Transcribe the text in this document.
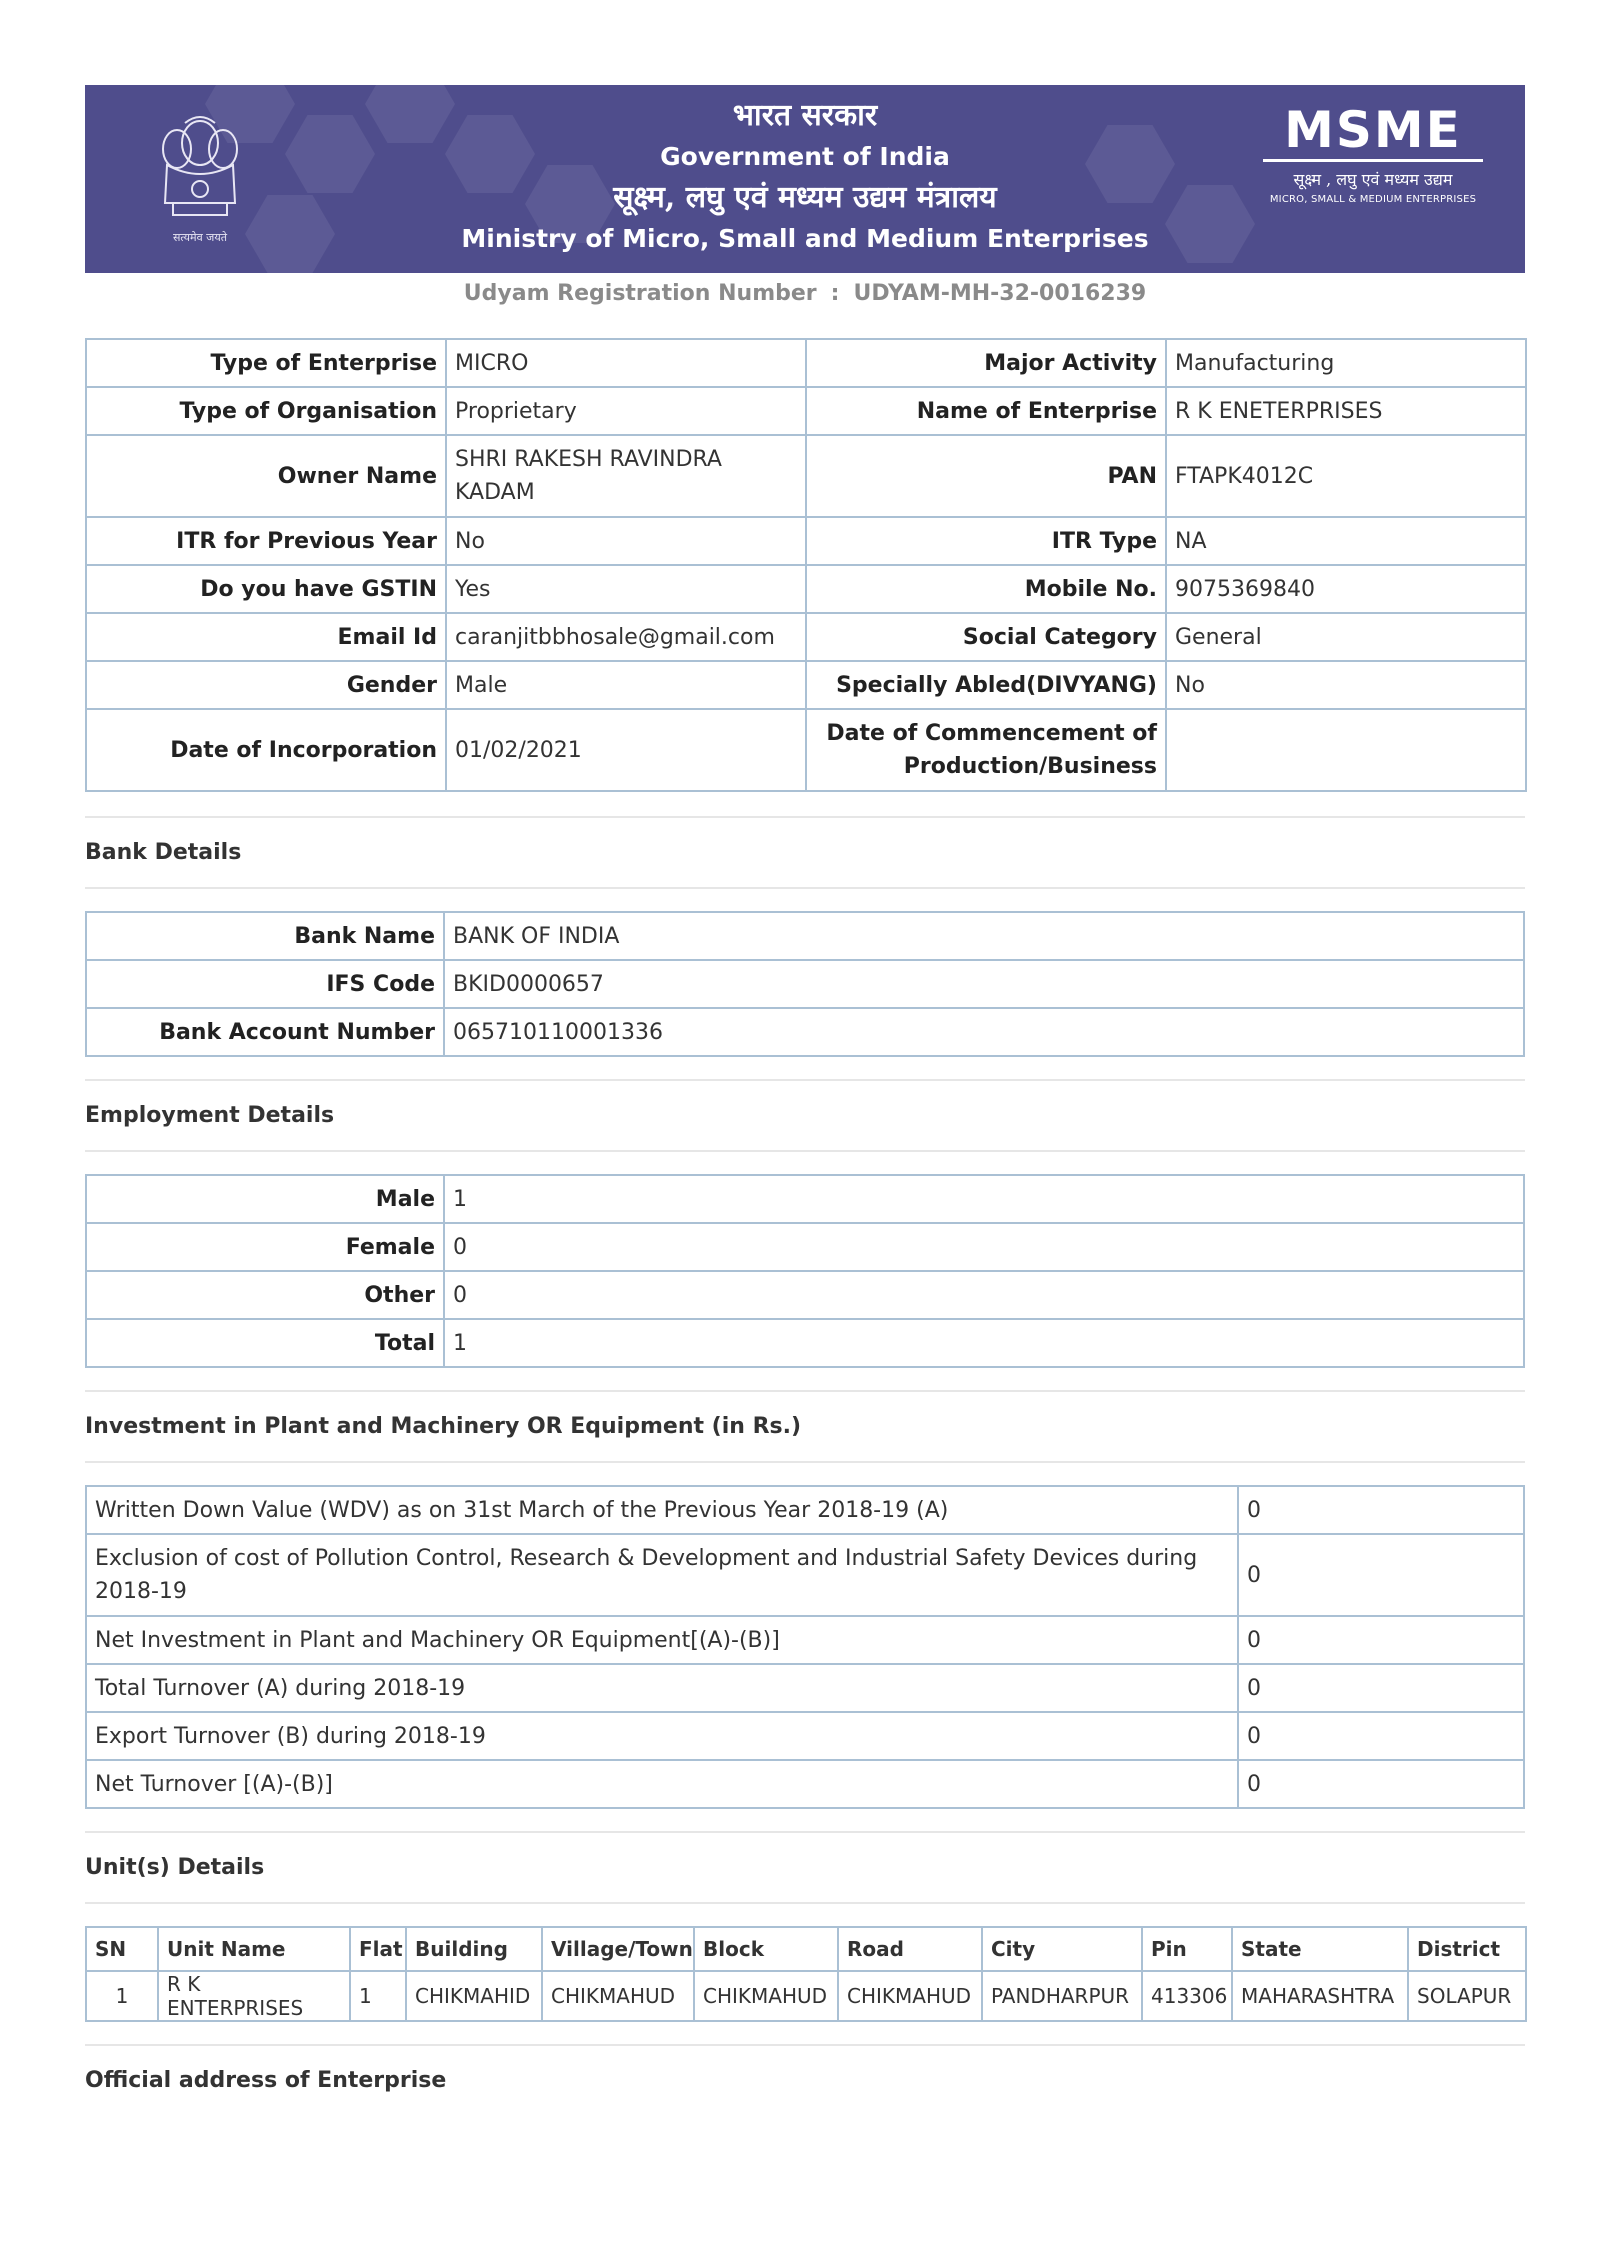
सत्यमेव जयते
भारत सरकार
Government of India
सूक्ष्म, लघु एवं मध्यम उद्यम मंत्रालय
Ministry of Micro, Small and Medium Enterprises
MSME
सूक्ष्म , लघु एवं मध्यम उद्यम
MICRO, SMALL & MEDIUM ENTERPRISES
Udyam Registration Number : UDYAM-MH-32-0016239
Type of Enterprise	MICRO	Major Activity	Manufacturing
Type of Organisation	Proprietary	Name of Enterprise	R K ENETERPRISES
Owner Name	SHRI RAKESH RAVINDRA KADAM	PAN	FTAPK4012C
ITR for Previous Year	No	ITR Type	NA
Do you have GSTIN	Yes	Mobile No.	9075369840
Email Id	caranjitbbhosale@gmail.com	Social Category	General
Gender	Male	Specially Abled(DIVYANG)	No
Date of Incorporation	01/02/2021	Date of Commencement of Production/Business	
Bank Details
Bank Name	BANK OF INDIA
IFS Code	BKID0000657
Bank Account Number	065710110001336
Employment Details
Male	1
Female	0
Other	0
Total	1
Investment in Plant and Machinery OR Equipment (in Rs.)
Written Down Value (WDV) as on 31st March of the Previous Year 2018-19 (A)	0
Exclusion of cost of Pollution Control, Research & Development and Industrial Safety Devices during 2018-19	0
Net Investment in Plant and Machinery OR Equipment[(A)-(B)]	0
Total Turnover (A) during 2018-19	0
Export Turnover (B) during 2018-19	0
Net Turnover [(A)-(B)]	0
Unit(s) Details
SN	Unit Name	Flat	Building	Village/Town	Block	Road	City	Pin	State	District
1	R K ENTERPRISES	1	CHIKMAHID	CHIKMAHUD	CHIKMAHUD	CHIKMAHUD	PANDHARPUR	413306	MAHARASHTRA	SOLAPUR
Official address of Enterprise
